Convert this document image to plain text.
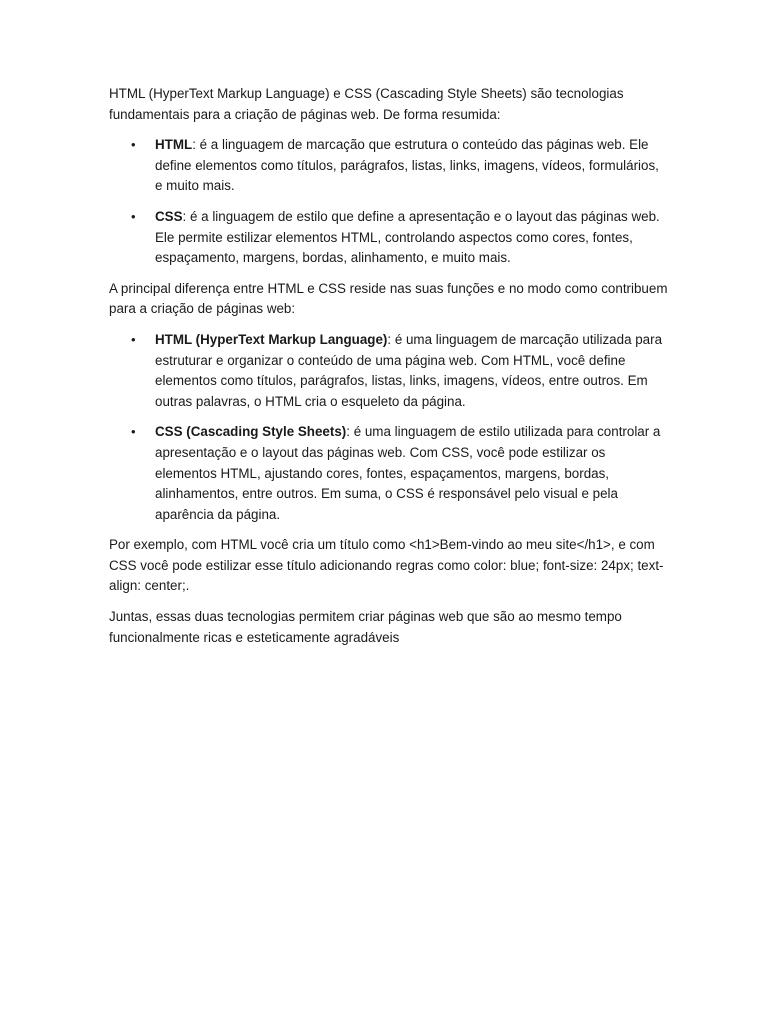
HTML (HyperText Markup Language) e CSS (Cascading Style Sheets) são tecnologias fundamentais para a criação de páginas web. De forma resumida:

• HTML: é a linguagem de marcação que estrutura o conteúdo das páginas web. Ele define elementos como títulos, parágrafos, listas, links, imagens, vídeos, formulários, e muito mais.
• CSS: é a linguagem de estilo que define a apresentação e o layout das páginas web. Ele permite estilizar elementos HTML, controlando aspectos como cores, fontes, espaçamento, margens, bordas, alinhamento, e muito mais.

A principal diferença entre HTML e CSS reside nas suas funções e no modo como contribuem para a criação de páginas web:

• HTML (HyperText Markup Language): é uma linguagem de marcação utilizada para estruturar e organizar o conteúdo de uma página web. Com HTML, você define elementos como títulos, parágrafos, listas, links, imagens, vídeos, entre outros. Em outras palavras, o HTML cria o esqueleto da página.
• CSS (Cascading Style Sheets): é uma linguagem de estilo utilizada para controlar a apresentação e o layout das páginas web. Com CSS, você pode estilizar os elementos HTML, ajustando cores, fontes, espaçamentos, margens, bordas, alinhamentos, entre outros. Em suma, o CSS é responsável pelo visual e pela aparência da página.

Por exemplo, com HTML você cria um título como <h1>Bem-vindo ao meu site</h1>, e com CSS você pode estilizar esse título adicionando regras como color: blue; font-size: 24px; text-align: center;.

Juntas, essas duas tecnologias permitem criar páginas web que são ao mesmo tempo funcionalmente ricas e esteticamente agradáveis
